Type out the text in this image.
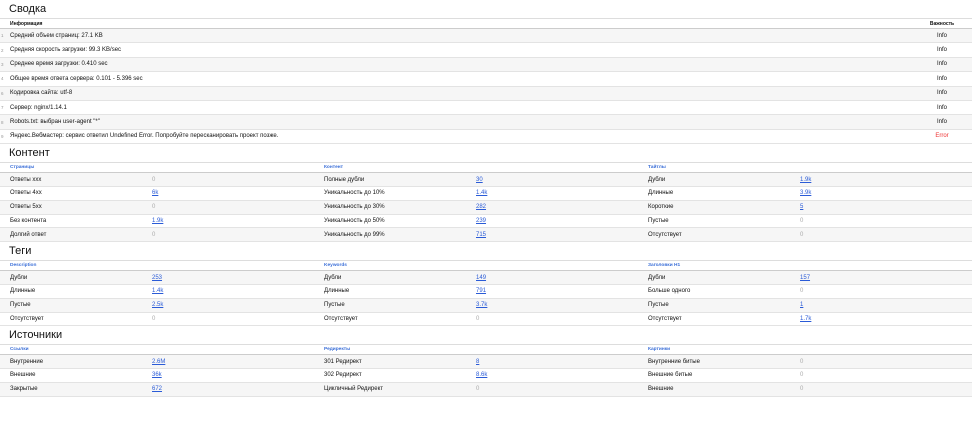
Сводка
	Информация	Важность
1	Средний объем страниц: 27.1 KB	Info
2	Средняя скорость загрузки: 99.3 KB/sec	Info
3	Среднее время загрузки: 0.410 sec	Info
4	Общее время ответа сервера: 0.101 - 5.396 sec	Info
6	Кодировка сайта: utf-8	Info
7	Сервер: nginx/1.14.1	Info
8	Robots.txt: выбран user-agent "*"	Info
9	Яндекс.Вебмастер: сервис ответил Undefined Error. Попробуйте пересканировать проект позже.	Error
Контент
Страницы		Контент		Тайтлы	
Ответы xxx	0	Полные дубли	30	Дубли	1.9k
Ответы 4xx	6k	Уникальность до 10%	1.4k	Длинные	3.9k
Ответы 5xx	0	Уникальность до 30%	282	Короткие	5
Без контента	1.9k	Уникальность до 50%	239	Пустые	0
Долгий ответ	0	Уникальность до 99%	715	Отсутствует	0
Теги
Description		Keywords		Заголовки H1	
Дубли	253	Дубли	149	Дубли	157
Длинные	1.4k	Длинные	791	Больше одного	0
Пустые	2.5k	Пустые	3.7k	Пустые	1
Отсутствует	0	Отсутствует	0	Отсутствует	1.7k
Источники
Ссылки		Редиректы		Картинки	
Внутренние	2.6M	301 Редирект	8	Внутренние битые	0
Внешние	36k	302 Редирект	8.6k	Внешние битые	0
Закрытые	672	Цикличный Редирект	0	Внешние	0
